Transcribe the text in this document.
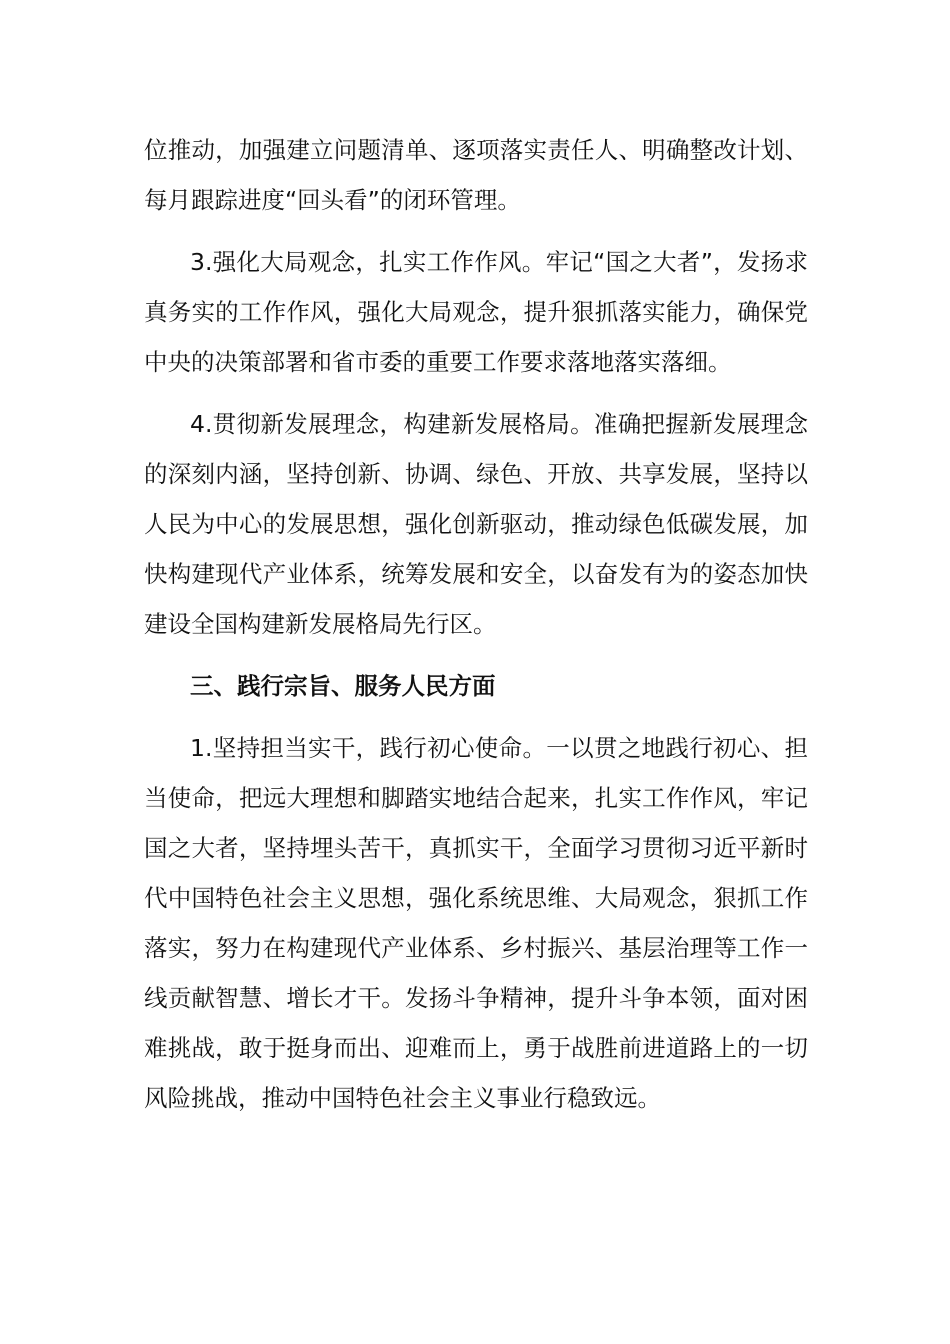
位推动，加强建立问题清单、逐项落实责任人、明确整改计划、每月跟踪进度“回头看”的闭环管理。

3.强化大局观念，扎实工作作风。牢记“国之大者”，发扬求真务实的工作作风，强化大局观念，提升狠抓落实能力，确保党中央的决策部署和省市委的重要工作要求落地落实落细。

4.贯彻新发展理念，构建新发展格局。准确把握新发展理念的深刻内涵，坚持创新、协调、绿色、开放、共享发展，坚持以人民为中心的发展思想，强化创新驱动，推动绿色低碳发展，加快构建现代产业体系，统筹发展和安全，以奋发有为的姿态加快建设全国构建新发展格局先行区。

三、践行宗旨、服务人民方面

1.坚持担当实干，践行初心使命。一以贯之地践行初心、担当使命，把远大理想和脚踏实地结合起来，扎实工作作风，牢记国之大者，坚持埋头苦干，真抓实干，全面学习贯彻习近平新时代中国特色社会主义思想，强化系统思维、大局观念，狠抓工作落实，努力在构建现代产业体系、乡村振兴、基层治理等工作一线贡献智慧、增长才干。发扬斗争精神，提升斗争本领，面对困难挑战，敢于挺身而出、迎难而上，勇于战胜前进道路上的一切风险挑战，推动中国特色社会主义事业行稳致远。
